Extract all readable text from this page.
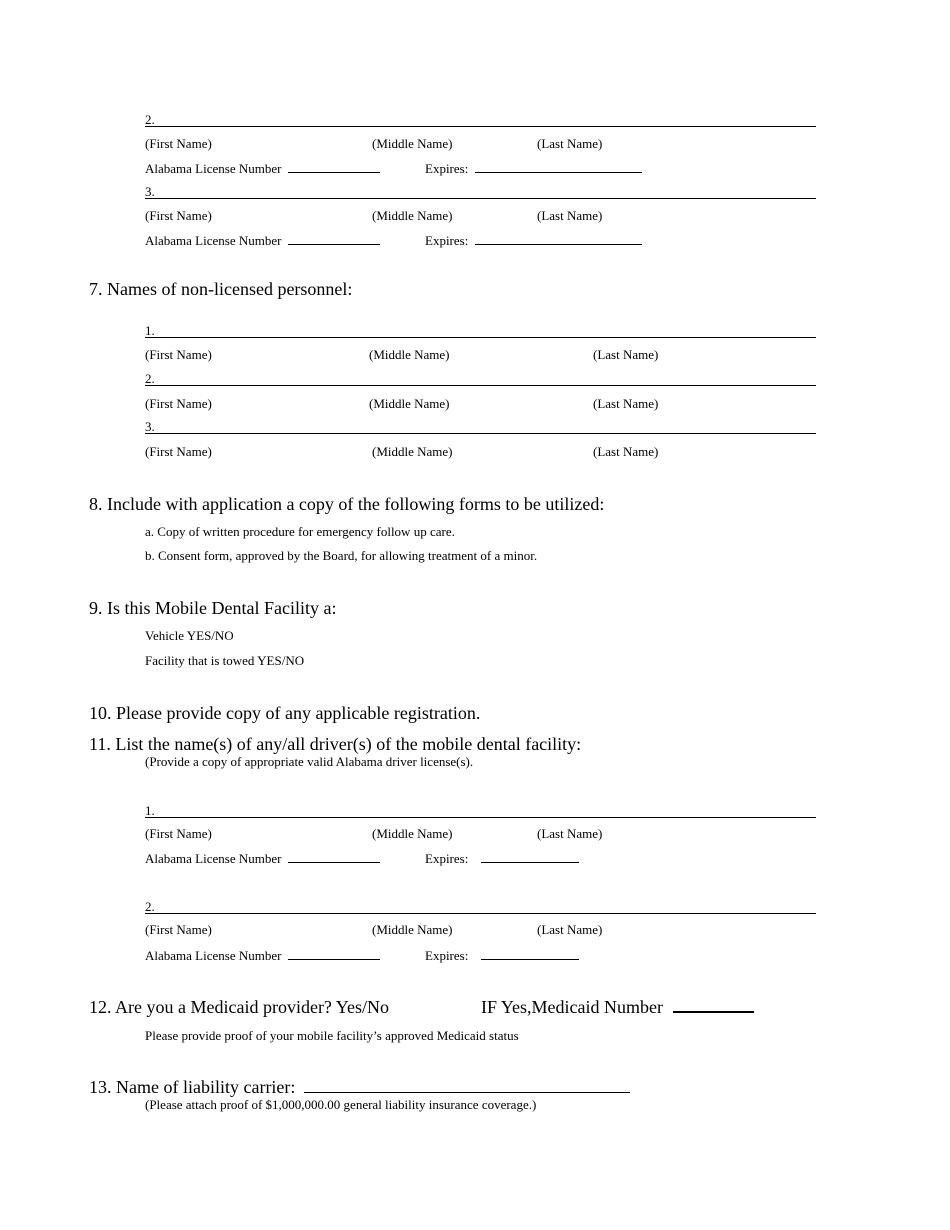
2.
(First Name)	(Middle Name)	(Last Name)
Alabama License Number	Expires:
3.
(First Name)	(Middle Name)	(Last Name)
Alabama License Number	Expires:
7. Names of non-licensed personnel:
1.
(First Name)	(Middle Name)	(Last Name)
2.
(First Name)	(Middle Name)	(Last Name)
3.
(First Name)	(Middle Name)	(Last Name)
8. Include with application a copy of the following forms to be utilized:
a. Copy of written procedure for emergency follow up care.
b. Consent form, approved by the Board, for allowing treatment of a minor.
9. Is this Mobile Dental Facility a:
Vehicle YES/NO
Facility that is towed YES/NO
10. Please provide copy of any applicable registration.
11. List the name(s) of any/all driver(s) of the mobile dental facility:
(Provide a copy of appropriate valid Alabama driver license(s).
1.
(First Name)	(Middle Name)	(Last Name)
Alabama License Number	Expires:
2.
(First Name)	(Middle Name)	(Last Name)
Alabama License Number	Expires:
12. Are you a Medicaid provider? Yes/No	IF Yes,Medicaid Number
Please provide proof of your mobile facility’s approved Medicaid status
13. Name of liability carrier:
(Please attach proof of $1,000,000.00 general liability insurance coverage.)
